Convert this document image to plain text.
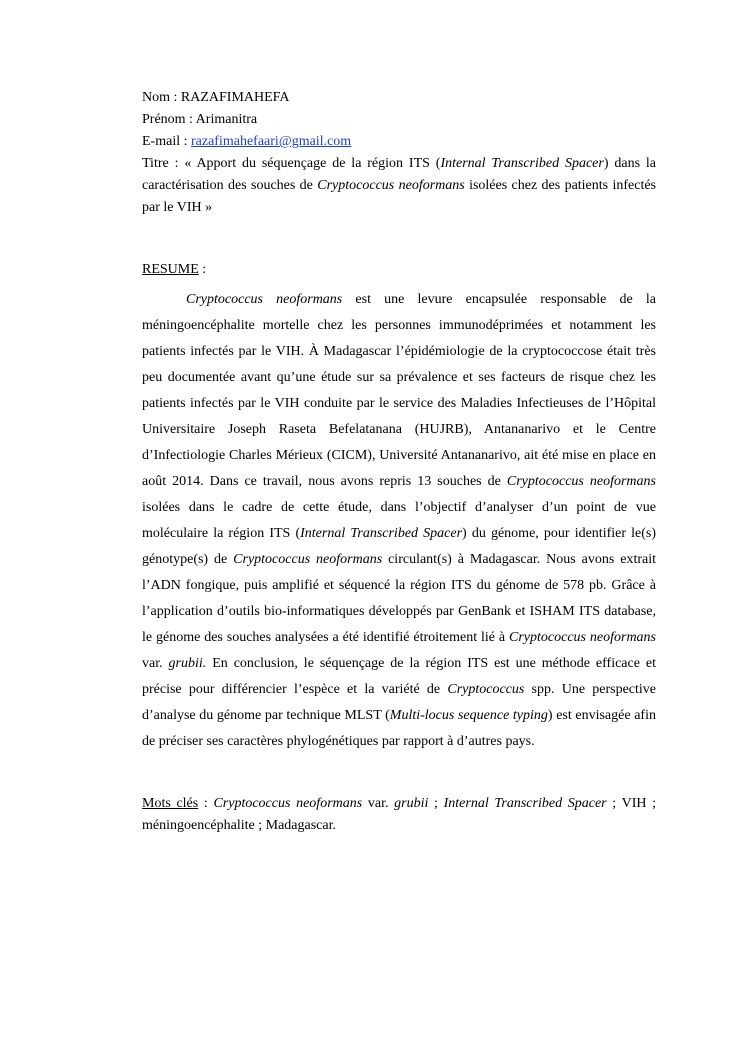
Nom : RAZAFIMAHEFA

Prénom : Arimanitra

E-mail : razafimahefaari@gmail.com

Titre : « Apport du séquençage de la région ITS (Internal Transcribed Spacer) dans la caractérisation des souches de Cryptococcus neoformans isolées chez des patients infectés par le VIH »

RESUME :

Cryptococcus neoformans est une levure encapsulée responsable de la méningoencéphalite mortelle chez les personnes immunodéprimées et notamment les patients infectés par le VIH. À Madagascar l’épidémiologie de la cryptococcose était très peu documentée avant qu’une étude sur sa prévalence et ses facteurs de risque chez les patients infectés par le VIH conduite par le service des Maladies Infectieuses de l’Hôpital Universitaire Joseph Raseta Befelatanana (HUJRB), Antananarivo et le Centre d’Infectiologie Charles Mérieux (CICM), Université Antananarivo, ait été mise en place en août 2014. Dans ce travail, nous avons repris 13 souches de Cryptococcus neoformans isolées dans le cadre de cette étude, dans l’objectif d’analyser d’un point de vue moléculaire la région ITS (Internal Transcribed Spacer) du génome, pour identifier le(s) génotype(s) de Cryptococcus neoformans circulant(s) à Madagascar. Nous avons extrait l’ADN fongique, puis amplifié et séquencé la région ITS du génome de 578 pb. Grâce à l’application d’outils bio-informatiques développés par GenBank et ISHAM ITS database, le génome des souches analysées a été identifié étroitement lié à Cryptococcus neoformans var. grubii. En conclusion, le séquençage de la région ITS est une méthode efficace et précise pour différencier l’espèce et la variété de Cryptococcus spp. Une perspective d’analyse du génome par technique MLST (Multi-locus sequence typing) est envisagée afin de préciser ses caractères phylogénétiques par rapport à d’autres pays.

Mots clés : Cryptococcus neoformans var. grubii ; Internal Transcribed Spacer ; VIH ; méningoencéphalite ; Madagascar.
